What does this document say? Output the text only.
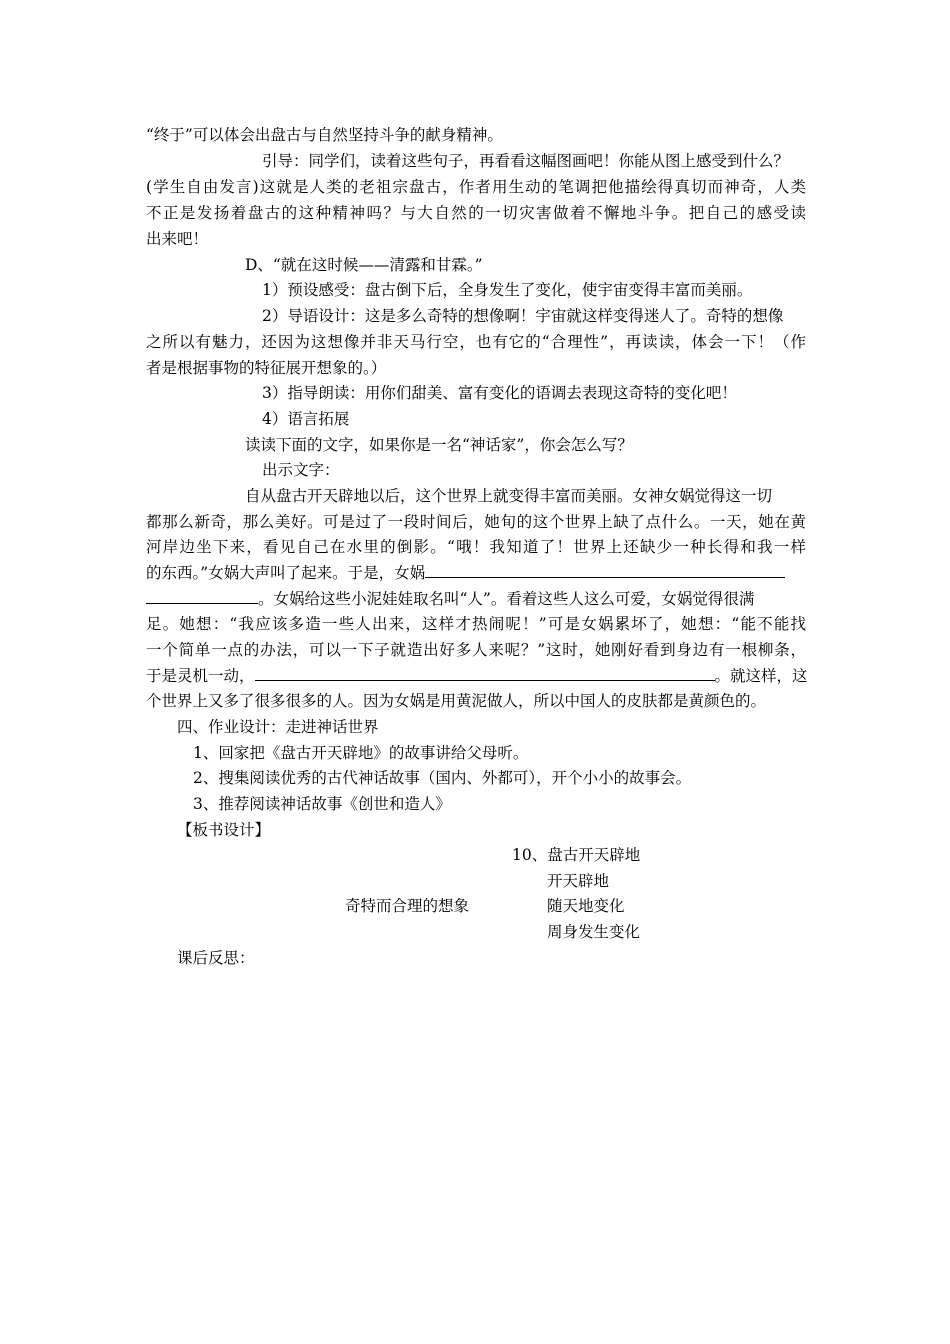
“终于”可以体会出盘古与自然坚持斗争的献身精神。
引导：同学们，读着这些句子，再看看这幅图画吧！你能从图上感受到什么？
(学生自由发言)这就是人类的老祖宗盘古，作者用生动的笔调把他描绘得真切而神奇，人类
不正是发扬着盘古的这种精神吗？与大自然的一切灾害做着不懈地斗争。把自己的感受读
出来吧！
D、“就在这时候——清露和甘霖。”
1）预设感受：盘古倒下后，全身发生了变化，使宇宙变得丰富而美丽。
2）导语设计：这是多么奇特的想像啊！宇宙就这样变得迷人了。奇特的想像
之所以有魅力，还因为这想像并非天马行空，也有它的“合理性”，再读读，体会一下！（作
者是根据事物的特征展开想象的。）
3）指导朗读：用你们甜美、富有变化的语调去表现这奇特的变化吧！
4）语言拓展
读读下面的文字，如果你是一名“神话家”，你会怎么写？
出示文字：
自从盘古开天辟地以后，这个世界上就变得丰富而美丽。女神女娲觉得这一切
都那么新奇，那么美好。可是过了一段时间后，她旬的这个世界上缺了点什么。一天，她在黄
河岸边坐下来，看见自己在水里的倒影。“哦！我知道了！世界上还缺少一种长得和我一样
的东西。”女娲大声叫了起来。于是，女娲
。女娲给这些小泥娃娃取名叫“人”。看着这些人这么可爱，女娲觉得很满
足。她想：“我应该多造一些人出来，这样才热闹呢！”可是女娲累坏了，她想：“能不能找
一个简单一点的办法，可以一下子就造出好多人来呢？”这时，她刚好看到身边有一根柳条，
于是灵机一动，	。就这样，这
个世界上又多了很多很多的人。因为女娲是用黄泥做人，所以中国人的皮肤都是黄颜色的。
四、作业设计：走进神话世界
1、回家把《盘古开天辟地》的故事讲给父母听。
2、搜集阅读优秀的古代神话故事（国内、外都可），开个小小的故事会。
3、推荐阅读神话故事《创世和造人》
【板书设计】
10、盘古开天辟地
开天辟地
奇特而合理的想象	随天地变化
周身发生变化
课后反思：
